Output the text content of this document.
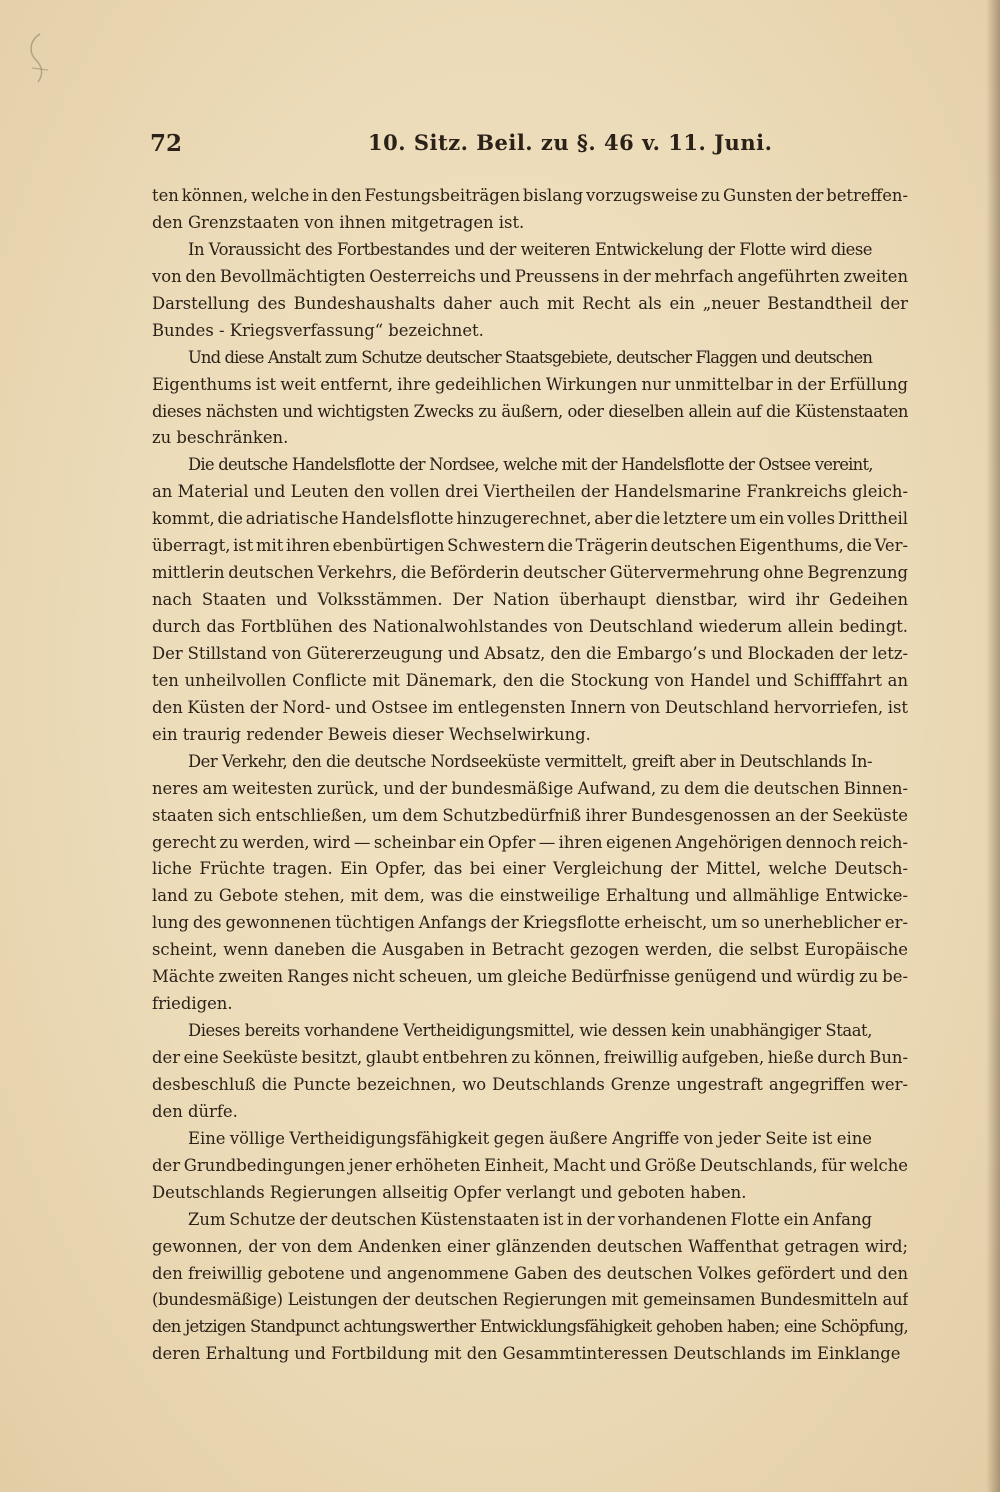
72	10. Sitz. Beil. zu §. 46 v. 11. Juni.
ten können, welche in den Festungsbeiträgen bislang vorzugsweise zu Gunsten der betreffen-
den Grenzstaaten von ihnen mitgetragen ist.
In Voraussicht des Fortbestandes und der weiteren Entwickelung der Flotte wird diese
von den Bevollmächtigten Oesterreichs und Preussens in der mehrfach angeführten zweiten
Darstellung des Bundeshaushalts daher auch mit Recht als ein „neuer Bestandtheil der
Bundes - Kriegsverfassung“ bezeichnet.
Und diese Anstalt zum Schutze deutscher Staatsgebiete, deutscher Flaggen und deutschen
Eigenthums ist weit entfernt, ihre gedeihlichen Wirkungen nur unmittelbar in der Erfüllung
dieses nächsten und wichtigsten Zwecks zu äußern, oder dieselben allein auf die Küstenstaaten
zu beschränken.
Die deutsche Handelsflotte der Nordsee, welche mit der Handelsflotte der Ostsee vereint,
an Material und Leuten den vollen drei Viertheilen der Handelsmarine Frankreichs gleich-
kommt, die adriatische Handelsflotte hinzugerechnet, aber die letztere um ein volles Drittheil
überragt, ist mit ihren ebenbürtigen Schwestern die Trägerin deutschen Eigenthums, die Ver-
mittlerin deutschen Verkehrs, die Beförderin deutscher Gütervermehrung ohne Begrenzung
nach Staaten und Volksstämmen. Der Nation überhaupt dienstbar, wird ihr Gedeihen
durch das Fortblühen des Nationalwohlstandes von Deutschland wiederum allein bedingt.
Der Stillstand von Gütererzeugung und Absatz, den die Embargo’s und Blockaden der letz-
ten unheilvollen Conflicte mit Dänemark, den die Stockung von Handel und Schifffahrt an
den Küsten der Nord- und Ostsee im entlegensten Innern von Deutschland hervorriefen, ist
ein traurig redender Beweis dieser Wechselwirkung.
Der Verkehr, den die deutsche Nordseeküste vermittelt, greift aber in Deutschlands In-
neres am weitesten zurück, und der bundesmäßige Aufwand, zu dem die deutschen Binnen-
staaten sich entschließen, um dem Schutzbedürfniß ihrer Bundesgenossen an der Seeküste
gerecht zu werden, wird — scheinbar ein Opfer — ihren eigenen Angehörigen dennoch reich-
liche Früchte tragen. Ein Opfer, das bei einer Vergleichung der Mittel, welche Deutsch-
land zu Gebote stehen, mit dem, was die einstweilige Erhaltung und allmählige Entwicke-
lung des gewonnenen tüchtigen Anfangs der Kriegsflotte erheischt, um so unerheblicher er-
scheint, wenn daneben die Ausgaben in Betracht gezogen werden, die selbst Europäische
Mächte zweiten Ranges nicht scheuen, um gleiche Bedürfnisse genügend und würdig zu be-
friedigen.
Dieses bereits vorhandene Vertheidigungsmittel, wie dessen kein unabhängiger Staat,
der eine Seeküste besitzt, glaubt entbehren zu können, freiwillig aufgeben, hieße durch Bun-
desbeschluß die Puncte bezeichnen, wo Deutschlands Grenze ungestraft angegriffen wer-
den dürfe.
Eine völlige Vertheidigungsfähigkeit gegen äußere Angriffe von jeder Seite ist eine
der Grundbedingungen jener erhöheten Einheit, Macht und Größe Deutschlands, für welche
Deutschlands Regierungen allseitig Opfer verlangt und geboten haben.
Zum Schutze der deutschen Küstenstaaten ist in der vorhandenen Flotte ein Anfang
gewonnen, der von dem Andenken einer glänzenden deutschen Waffenthat getragen wird;
den freiwillig gebotene und angenommene Gaben des deutschen Volkes gefördert und den
(bundesmäßige) Leistungen der deutschen Regierungen mit gemeinsamen Bundesmitteln auf
den jetzigen Standpunct achtungswerther Entwicklungsfähigkeit gehoben haben; eine Schöpfung,
deren Erhaltung und Fortbildung mit den Gesammtinteressen Deutschlands im Einklange
